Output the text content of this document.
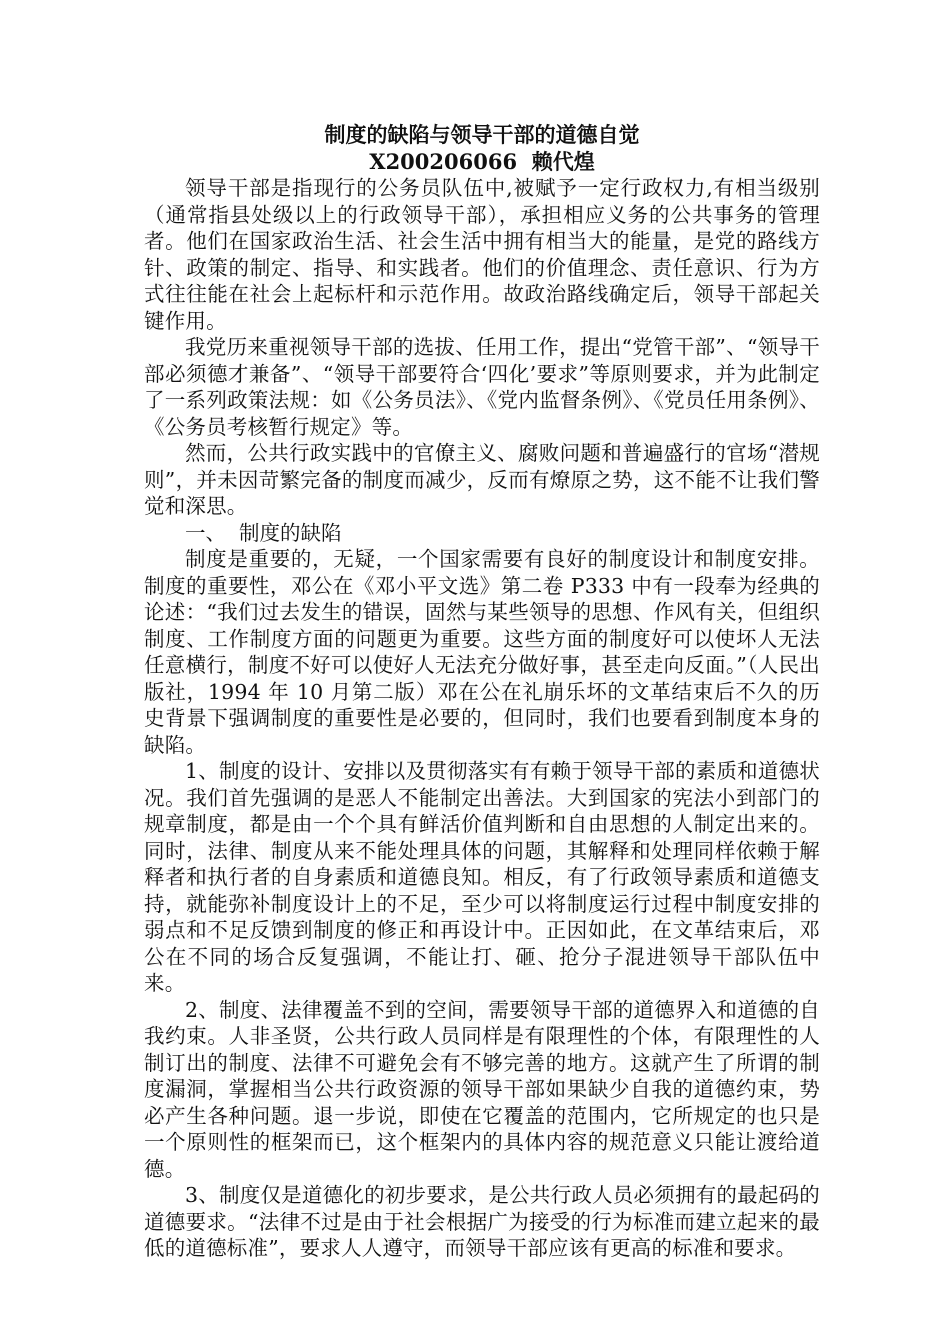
制度的缺陷与领导干部的道德自觉
X200206066  赖代煌

领导干部是指现行的公务员队伍中,被赋予一定行政权力,有相当级别（通常指县处级以上的行政领导干部），承担相应义务的公共事务的管理者。他们在国家政治生活、社会生活中拥有相当大的能量，是党的路线方针、政策的制定、指导、和实践者。他们的价值理念、责任意识、行为方式往往能在社会上起标杆和示范作用。故政治路线确定后，领导干部起关键作用。

我党历来重视领导干部的选拔、任用工作，提出“党管干部”、“领导干部必须德才兼备”、“领导干部要符合‘四化’要求”等原则要求，并为此制定了一系列政策法规：如《公务员法》、《党内监督条例》、《党员任用条例》、《公务员考核暂行规定》等。

然而，公共行政实践中的官僚主义、腐败问题和普遍盛行的官场“潜规则”，并未因苛繁完备的制度而减少，反而有燎原之势，这不能不让我们警觉和深思。

一、  制度的缺陷

制度是重要的，无疑，一个国家需要有良好的制度设计和制度安排。制度的重要性，邓公在《邓小平文选》第二卷 P333 中有一段奉为经典的论述：“我们过去发生的错误，固然与某些领导的思想、作风有关，但组织制度、工作制度方面的问题更为重要。这些方面的制度好可以使坏人无法任意横行，制度不好可以使好人无法充分做好事，甚至走向反面。”（人民出版社，1994 年 10 月第二版）邓在公在礼崩乐坏的文革结束后不久的历史背景下强调制度的重要性是必要的，但同时，我们也要看到制度本身的缺陷。

1、制度的设计、安排以及贯彻落实有有赖于领导干部的素质和道德状况。我们首先强调的是恶人不能制定出善法。大到国家的宪法小到部门的规章制度，都是由一个个具有鲜活价值判断和自由思想的人制定出来的。同时，法律、制度从来不能处理具体的问题，其解释和处理同样依赖于解释者和执行者的自身素质和道德良知。相反，有了行政领导素质和道德支持，就能弥补制度设计上的不足，至少可以将制度运行过程中制度安排的弱点和不足反馈到制度的修正和再设计中。正因如此，在文革结束后，邓公在不同的场合反复强调，不能让打、砸、抢分子混进领导干部队伍中来。

2、制度、法律覆盖不到的空间，需要领导干部的道德界入和道德的自我约束。人非圣贤，公共行政人员同样是有限理性的个体，有限理性的人制订出的制度、法律不可避免会有不够完善的地方。这就产生了所谓的制度漏洞，掌握相当公共行政资源的领导干部如果缺少自我的道德约束，势必产生各种问题。退一步说，即使在它覆盖的范围内，它所规定的也只是一个原则性的框架而已，这个框架内的具体内容的规范意义只能让渡给道德。

3、制度仅是道德化的初步要求，是公共行政人员必须拥有的最起码的道德要求。“法律不过是由于社会根据广为接受的行为标准而建立起来的最低的道德标准”，要求人人遵守，而领导干部应该有更高的标准和要求。
